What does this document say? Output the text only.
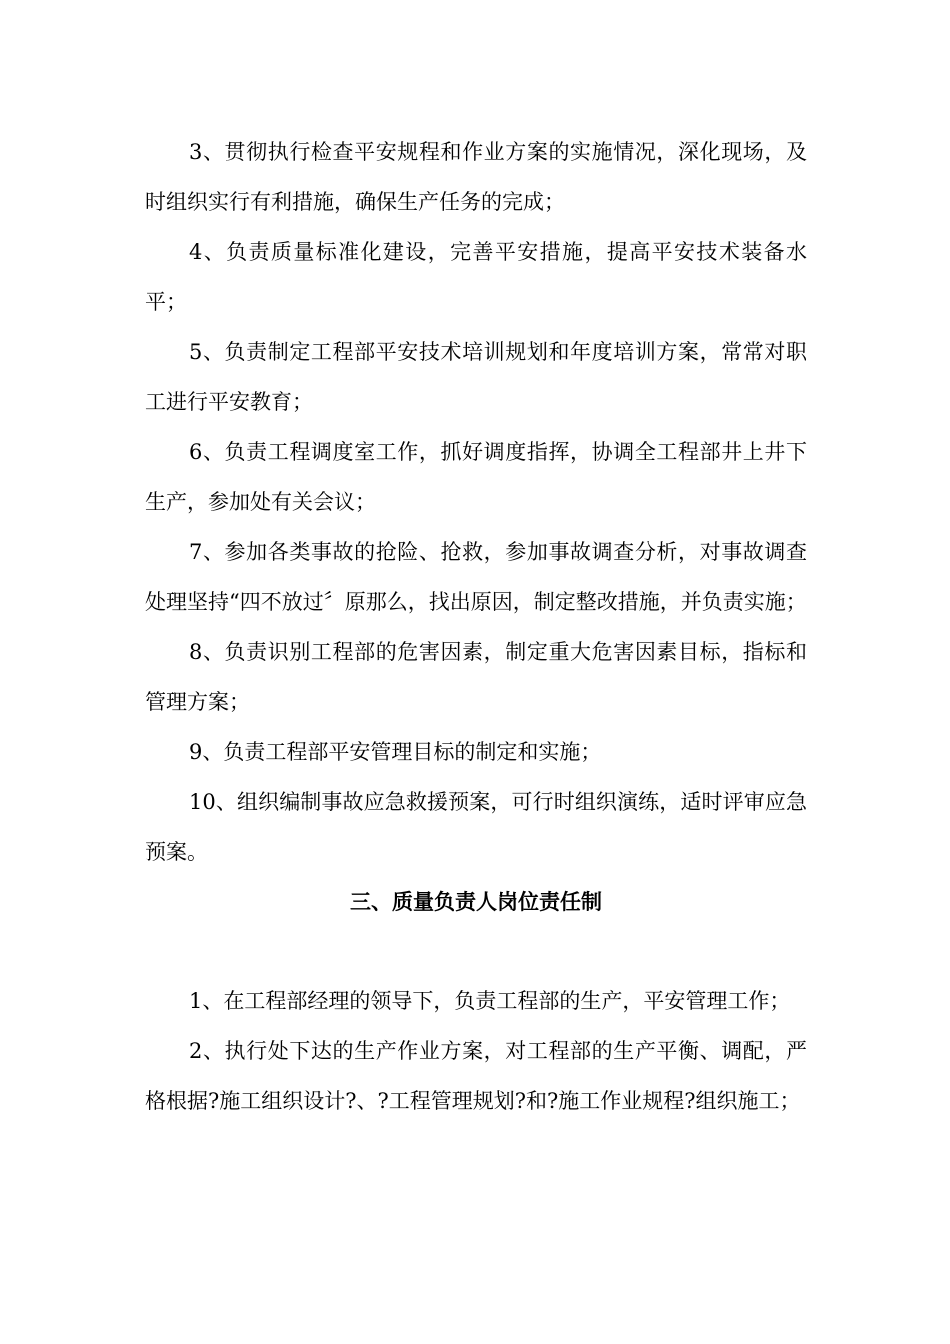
3、贯彻执行检查平安规程和作业方案的实施情况，深化现场，及时组织实行有利措施，确保生产任务的完成；

4、负责质量标准化建设，完善平安措施，提高平安技术装备水平；

5、负责制定工程部平安技术培训规划和年度培训方案，常常对职工进行平安教育；

6、负责工程调度室工作，抓好调度指挥，协调全工程部井上井下生产，参加处有关会议；

7、参加各类事故的抢险、抢救，参加事故调查分析，对事故调查处理坚持“四不放过〞原那么，找出原因，制定整改措施，并负责实施；

8、负责识别工程部的危害因素，制定重大危害因素目标，指标和管理方案；

9、负责工程部平安管理目标的制定和实施；

10、组织编制事故应急救援预案，可行时组织演练，适时评审应急预案。

三、质量负责人岗位责任制

1、在工程部经理的领导下，负责工程部的生产，平安管理工作；

2、执行处下达的生产作业方案，对工程部的生产平衡、调配，严格根据?施工组织设计?、?工程管理规划?和?施工作业规程?组织施工；
